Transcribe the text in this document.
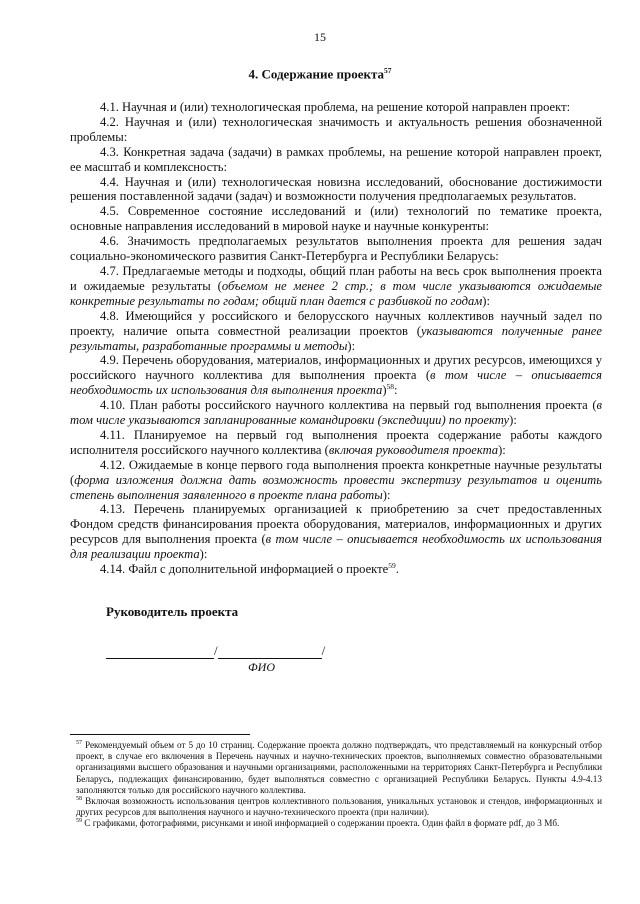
15
4. Содержание проекта$^{57}$

4.1. Научная и (или) технологическая проблема, на решение которой направлен проект:

4.2. Научная и (или) технологическая значимость и актуальность решения обозначенной проблемы:

4.3. Конкретная задача (задачи) в рамках проблемы, на решение которой направлен проект, ее масштаб и комплексность:

4.4. Научная и (или) технологическая новизна исследований, обоснование достижимости решения поставленной задачи (задач) и возможности получения предполагаемых результатов.

4.5. Современное состояние исследований и (или) технологий по тематике проекта, основные направления исследований в мировой науке и научные конкуренты:

4.6. Значимость предполагаемых результатов выполнения проекта для решения задач социально-экономического развития Санкт-Петербурга и Республики Беларусь:

4.7. Предлагаемые методы и подходы, общий план работы на весь срок выполнения проекта и ожидаемые результаты (объемом не менее 2 стр.; в том числе указываются ожидаемые конкретные результаты по годам; общий план дается с разбивкой по годам):

4.8. Имеющийся у российского и белорусского научных коллективов научный задел по проекту, наличие опыта совместной реализации проектов (указываются полученные ранее результаты, разработанные программы и методы):

4.9. Перечень оборудования, материалов, информационных и других ресурсов, имеющихся у российского научного коллектива для выполнения проекта (в том числе – описывается необходимость их использования для выполнения проекта)$^{58}$:

4.10. План работы российского научного коллектива на первый год выполнения проекта (в том числе указываются запланированные командировки (экспедиции) по проекту):

4.11. Планируемое на первый год выполнения проекта содержание работы каждого исполнителя российского научного коллектива (включая руководителя проекта):

4.12. Ожидаемые в конце первого года выполнения проекта конкретные научные результаты (форма изложения должна дать возможность провести экспертизу результатов и оценить степень выполнения заявленного в проекте плана работы):

4.13. Перечень планируемых организацией к приобретению за счет предоставленных Фондом средств финансирования проекта оборудования, материалов, информационных и других ресурсов для выполнения проекта (в том числе – описывается необходимость их использования для реализации проекта):

4.14. Файл с дополнительной информацией о проекте$^{59}$.

Руководитель проекта
/	/
ФИО

$^{57}$ Рекомендуемый объем от 5 до 10 страниц. Содержание проекта должно подтверждать, что представляемый на конкурсный отбор проект, в случае его включения в Перечень научных и научно-технических проектов, выполняемых совместно образовательными организациями высшего образования и научными организациями, расположенными на территориях Санкт-Петербурга и Республики Беларусь, подлежащих финансированию, будет выполняться совместно с организацией Республики Беларусь. Пункты 4.9-4.13 заполняются только для российского научного коллектива.

$^{58}$ Включая возможность использования центров коллективного пользования, уникальных установок и стендов, информационных и других ресурсов для выполнения научного и научно-технического проекта (при наличии).

$^{59}$ С графиками, фотографиями, рисунками и иной информацией о содержании проекта. Один файл в формате pdf, до 3 Мб.
